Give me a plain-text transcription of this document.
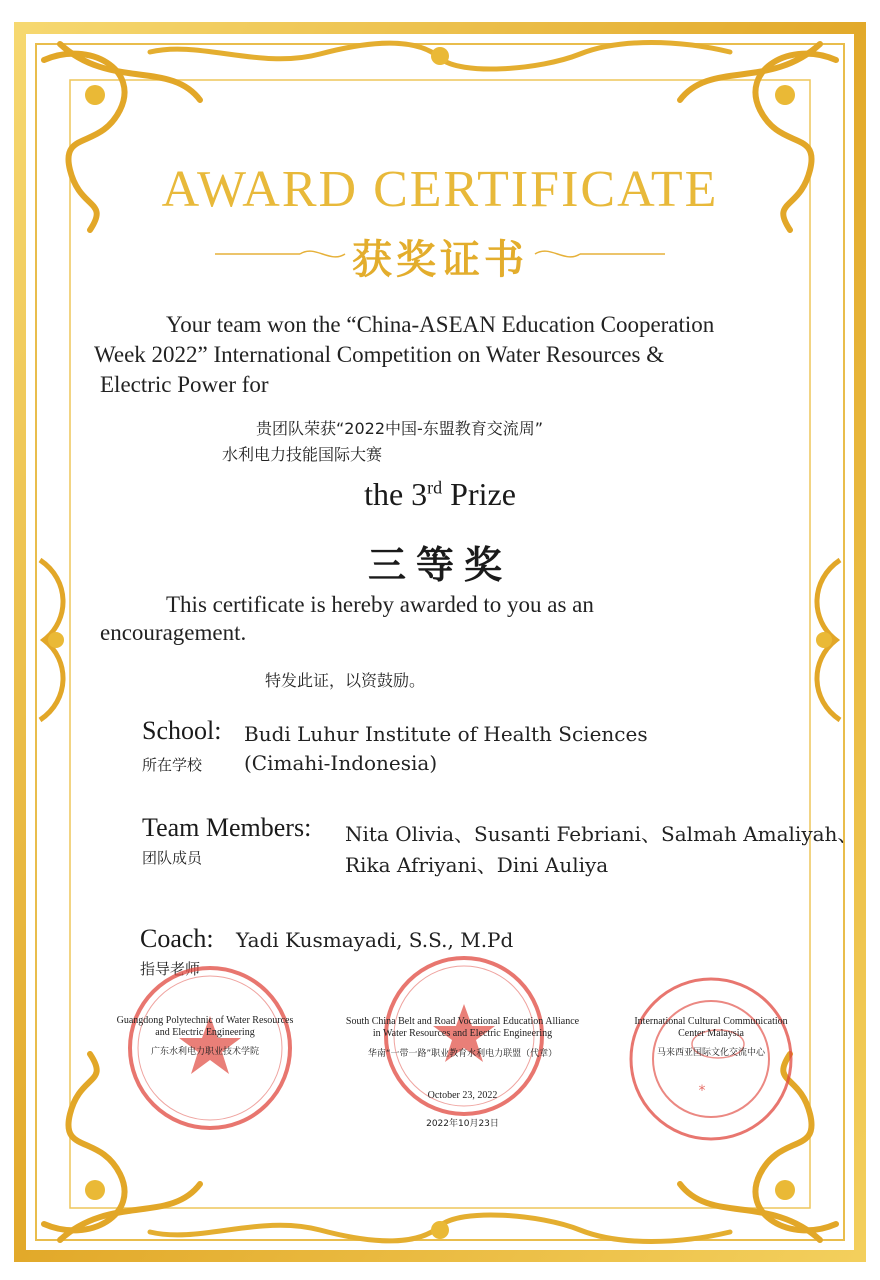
AWARD CERTIFICATE
获奖证书
Your team won the “China-ASEAN Education Cooperation
Week 2022” International Competition on Water Resources &
Electric Power for
贵团队荣获“2022中国-东盟教育交流周”
水利电力技能国际大赛
the 3rd Prize
三等奖
This certificate is hereby awarded to you as an
encouragement.
特发此证，以资鼓励。
School:
所在学校
Budi Luhur Institute of Health Sciences
(Cimahi-Indonesia)
Team Members:
团队成员
Nita Olivia、Susanti Febriani、Salmah Amaliyah、
Rika Afriyani、Dini Auliya
Coach:
指导老师
Yadi Kusmayadi, S.S., M.Pd
*
Guangdong Polytechnic of Water Resources
and Electric Engineering
广东水利电力职业技术学院
South China Belt and Road Vocational Education Alliance
in Water Resources and Electric Engineering
华南“一带一路”职业教育水利电力联盟（代章）
October 23, 2022
2022年10月23日
International Cultural Communication
Center Malaysia
马来西亚国际文化交流中心
